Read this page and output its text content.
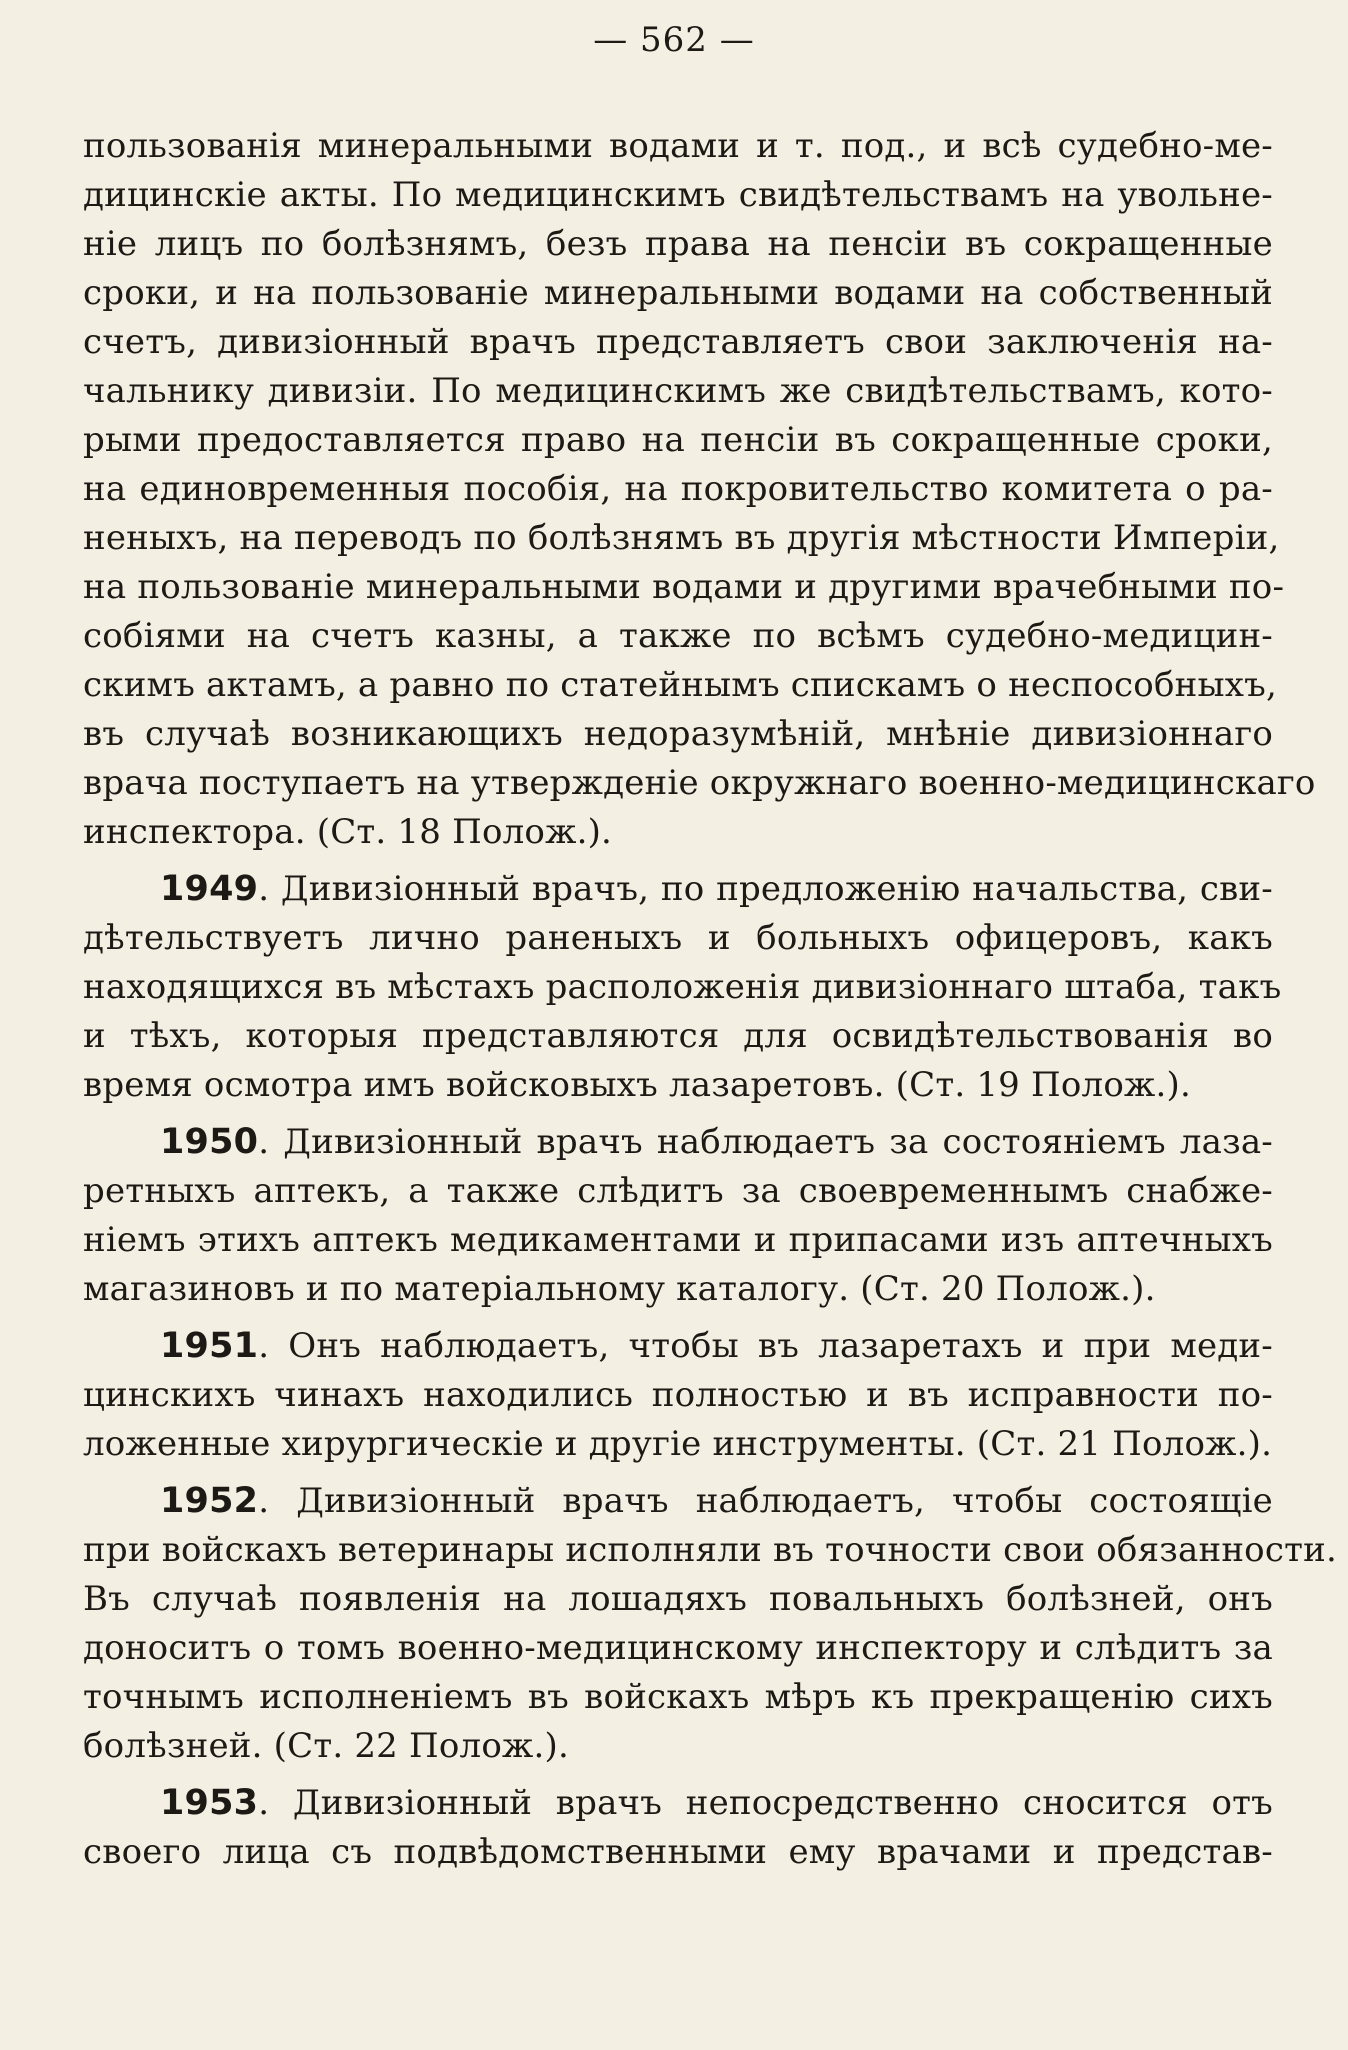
— 562 —
пользованія минеральными водами и т. под., и всѣ судебно-ме-
дицинскіе акты. По медицинскимъ свидѣтельствамъ на увольне-
ніе лицъ по болѣзнямъ, безъ права на пенсіи въ сокращенные
сроки, и на пользованіе минеральными водами на собственный
счетъ, дивизіонный врачъ представляетъ свои заключенія на-
чальнику дивизіи. По медицинскимъ же свидѣтельствамъ, кото-
рыми предоставляется право на пенсіи въ сокращенные сроки,
на единовременныя пособія, на покровительство комитета о ра-
неныхъ, на переводъ по болѣзнямъ въ другія мѣстности Имперіи,
на пользованіе минеральными водами и другими врачебными по-
собіями на счетъ казны, а также по всѣмъ судебно-медицин-
скимъ актамъ, а равно по статейнымъ спискамъ о неспособныхъ,
въ случаѣ возникающихъ недоразумѣній, мнѣніе дивизіоннаго
врача поступаетъ на утвержденіе окружнаго военно-медицинскаго
инспектора. (Ст. 18 Полож.).
1949. Дивизіонный врачъ, по предложенію начальства, сви-
дѣтельствуетъ лично раненыхъ и больныхъ офицеровъ, какъ
находящихся въ мѣстахъ расположенія дивизіоннаго штаба, такъ
и тѣхъ, которыя представляются для освидѣтельствованія во
время осмотра имъ войсковыхъ лазаретовъ. (Ст. 19 Полож.).
1950. Дивизіонный врачъ наблюдаетъ за состояніемъ лаза-
ретныхъ аптекъ, а также слѣдитъ за своевременнымъ снабже-
ніемъ этихъ аптекъ медикаментами и припасами изъ аптечныхъ
магазиновъ и по матеріальному каталогу. (Ст. 20 Полож.).
1951. Онъ наблюдаетъ, чтобы въ лазаретахъ и при меди-
цинскихъ чинахъ находились полностью и въ исправности по-
ложенные хирургическіе и другіе инструменты. (Ст. 21 Полож.).
1952. Дивизіонный врачъ наблюдаетъ, чтобы состоящіе
при войскахъ ветеринары исполняли въ точности свои обязанности.
Въ случаѣ появленія на лошадяхъ повальныхъ болѣзней, онъ
доноситъ о томъ военно-медицинскому инспектору и слѣдитъ за
точнымъ исполненіемъ въ войскахъ мѣръ къ прекращенію сихъ
болѣзней. (Ст. 22 Полож.).
1953. Дивизіонный врачъ непосредственно сносится отъ
своего лица съ подвѣдомственными ему врачами и представ-
